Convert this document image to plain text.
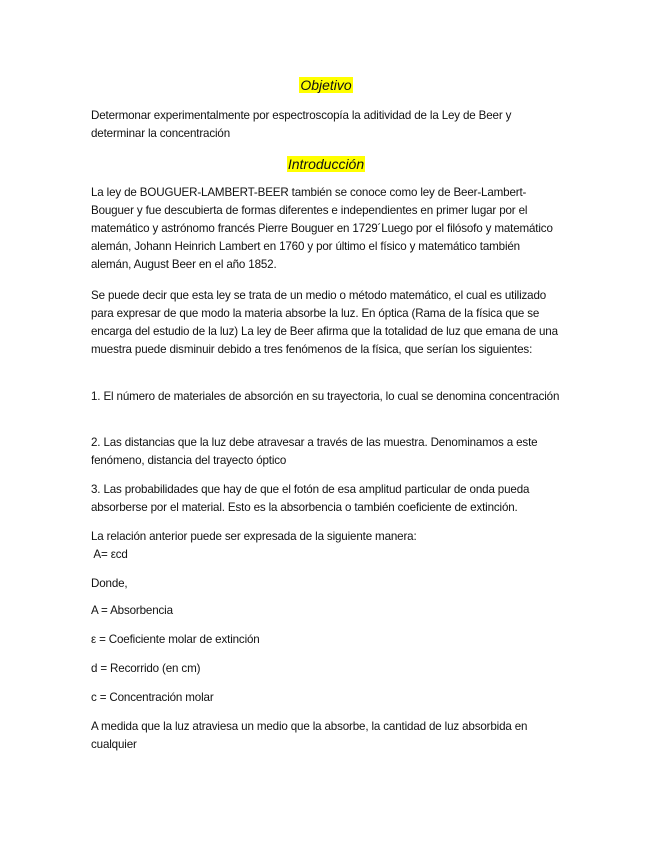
Objetivo

Determonar experimentalmente por espectroscopía la aditividad de la Ley de Beer y determinar la concentración

Introducción

La ley de BOUGUER-LAMBERT-BEER también se conoce como ley de Beer-Lambert-Bouguer y fue descubierta de formas diferentes e independientes en primer lugar por el matemático y astrónomo francés Pierre Bouguer en 1729´Luego por el filósofo y matemático alemán, Johann Heinrich Lambert en 1760 y por último el físico y matemático también alemán, August Beer en el año 1852.

Se puede decir que esta ley se trata de un medio o método matemático, el cual es utilizado para expresar de que modo la materia absorbe la luz. En óptica (Rama de la física que se encarga del estudio de la luz) La ley de Beer afirma que la totalidad de luz que emana de una muestra puede disminuir debido a tres fenómenos de la física, que serían los siguientes:

1. El número de materiales de absorción en su trayectoria, lo cual se denomina concentración

2. Las distancias que la luz debe atravesar a través de las muestra. Denominamos a este fenómeno, distancia del trayecto óptico

3. Las probabilidades que hay de que el fotón de esa amplitud particular de onda pueda absorberse por el material. Esto es la absorbencia o también coeficiente de extinción.

La relación anterior puede ser expresada de la siguiente manera:

A= εcd

Donde,

A = Absorbencia

ε = Coeficiente molar de extinción

d = Recorrido (en cm)

c = Concentración molar

A medida que la luz atraviesa un medio que la absorbe, la cantidad de luz absorbida en cualquier
